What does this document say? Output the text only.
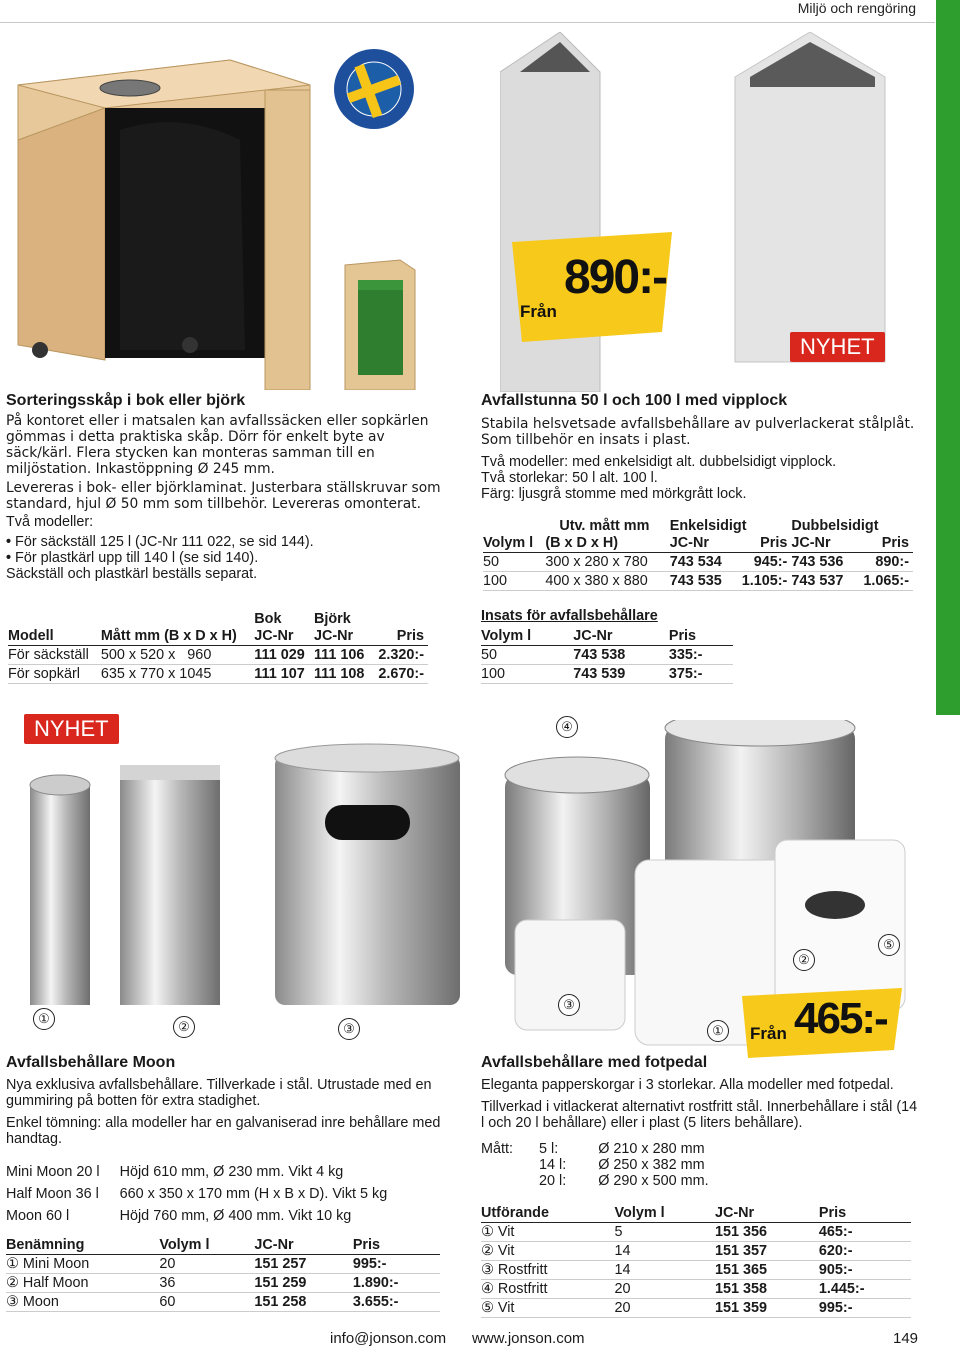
Miljö och rengöring
Sorteringsskåp i bok eller björk

På kontoret eller i matsalen kan avfallssäcken eller sopkärlen gömmas i detta praktiska skåp. Dörr för enkelt byte av säck/kärl. Flera stycken kan monteras samman till en miljöstation. Inkastöppning Ø 245 mm.

Levereras i bok- eller björklaminat. Justerbara ställskruvar som standard, hjul Ø 50 mm som tillbehör. Levereras omonterat.

Två modeller:

• För säckställ 125 l (JC-Nr 111 022, se sid 144).
• För plastkärl upp till 140 l (se sid 140).

Säckställ och plastkärl beställs separat.

		Bok	Björk	
Modell	Mått mm (B x D x H)	JC-Nr	JC-Nr	Pris
För säckställ	500 x 520 x   960	111 029	111 106	2.320:-
För sopkärl	635 x 770 x 1045	111 107	111 108	2.670:-
Från
890:-
NYHET
Avfallstunna 50 l och 100 l med vipplock

Stabila helsvetsade avfallsbehållare av pulverlackerat stålplåt. Som tillbehör en insats i plast.

Två modeller: med enkelsidigt alt. dubbelsidigt vipplock.

Två storlekar: 50 l alt. 100 l.

Färg: ljusgrå stomme med mörkgrått lock.

	Utv. mått mm	Enkelsidigt		Dubbelsidigt	
Volym l	(B x D x H)	JC-Nr	Pris	JC-Nr	Pris
50	300 x 280 x 780	743 534	945:-	743 536	890:-
100	400 x 380 x 880	743 535	1.105:-	743 537	1.065:-
Insats för avfallsbehållare
Volym l	JC-Nr	Pris
50	743 538	335:-
100	743 539	375:-
NYHET
①
②	③
Avfallsbehållare Moon

Nya exklusiva avfallsbehållare. Tillverkade i stål. Utrustade med en gummiring på botten för extra stadighet.

Enkel tömning: alla modeller har en galvaniserad inre behållare med handtag.

Mini Moon 20 l	Höjd 610 mm, Ø 230 mm. Vikt 4 kg
Half Moon 36 l	660 x 350 x 170 mm (H x B x D). Vikt 5 kg
Moon 60 l	Höjd 760 mm, Ø 400 mm. Vikt 10 kg
Benämning	Volym l	JC-Nr	Pris
① Mini Moon	20	151 257	995:-
② Half Moon	36	151 259	1.890:-
③ Moon	60	151 258	3.655:-
④
⑤
②
③
①	Från 465:-
Avfallsbehållare med fotpedal

Eleganta papperskorgar i 3 storlekar. Alla modeller med fotpedal.

Tillverkad i vitlackerat alternativt rostfritt stål. Innerbehållare i stål (14 l och 20 l behållare) eller i plast (5 liters behållare).

Mått:	5 l:	Ø 210 x 280 mm
	14 l:	Ø 250 x 382 mm
	20 l:	Ø 290 x 500 mm.
Utförande	Volym l	JC-Nr	Pris
① Vit	5	151 356	465:-
② Vit	14	151 357	620:-
③ Rostfritt	14	151 365	905:-
④ Rostfritt	20	151 358	1.445:-
⑤ Vit	20	151 359	995:-
info@jonson.com www.jonson.com	149
